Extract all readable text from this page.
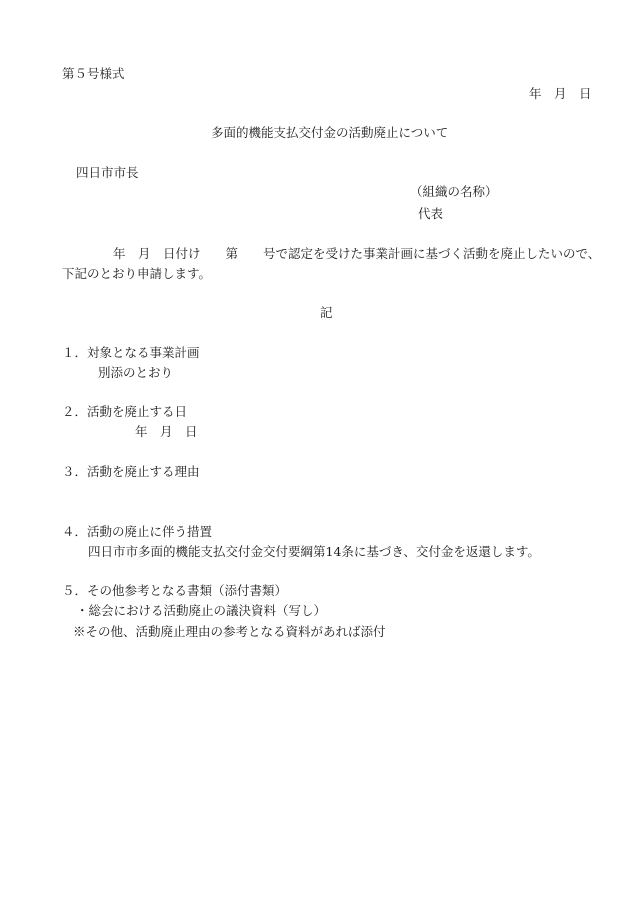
第５号様式
年　月　日
多面的機能支払交付金の活動廃止について
四日市市長
（組織の名称）
代表
年　月　日付け　　第　　号で認定を受けた事業計画に基づく活動を廃止したいので、
下記のとおり申請します。
記
１．対象となる事業計画
別添のとおり
２．活動を廃止する日
年　月　日
３．活動を廃止する理由
４．活動の廃止に伴う措置
四日市市多面的機能支払交付金交付要綱第14条に基づき、交付金を返還します。
５．その他参考となる書類（添付書類）
・総会における活動廃止の議決資料（写し）
※その他、活動廃止理由の参考となる資料があれば添付
